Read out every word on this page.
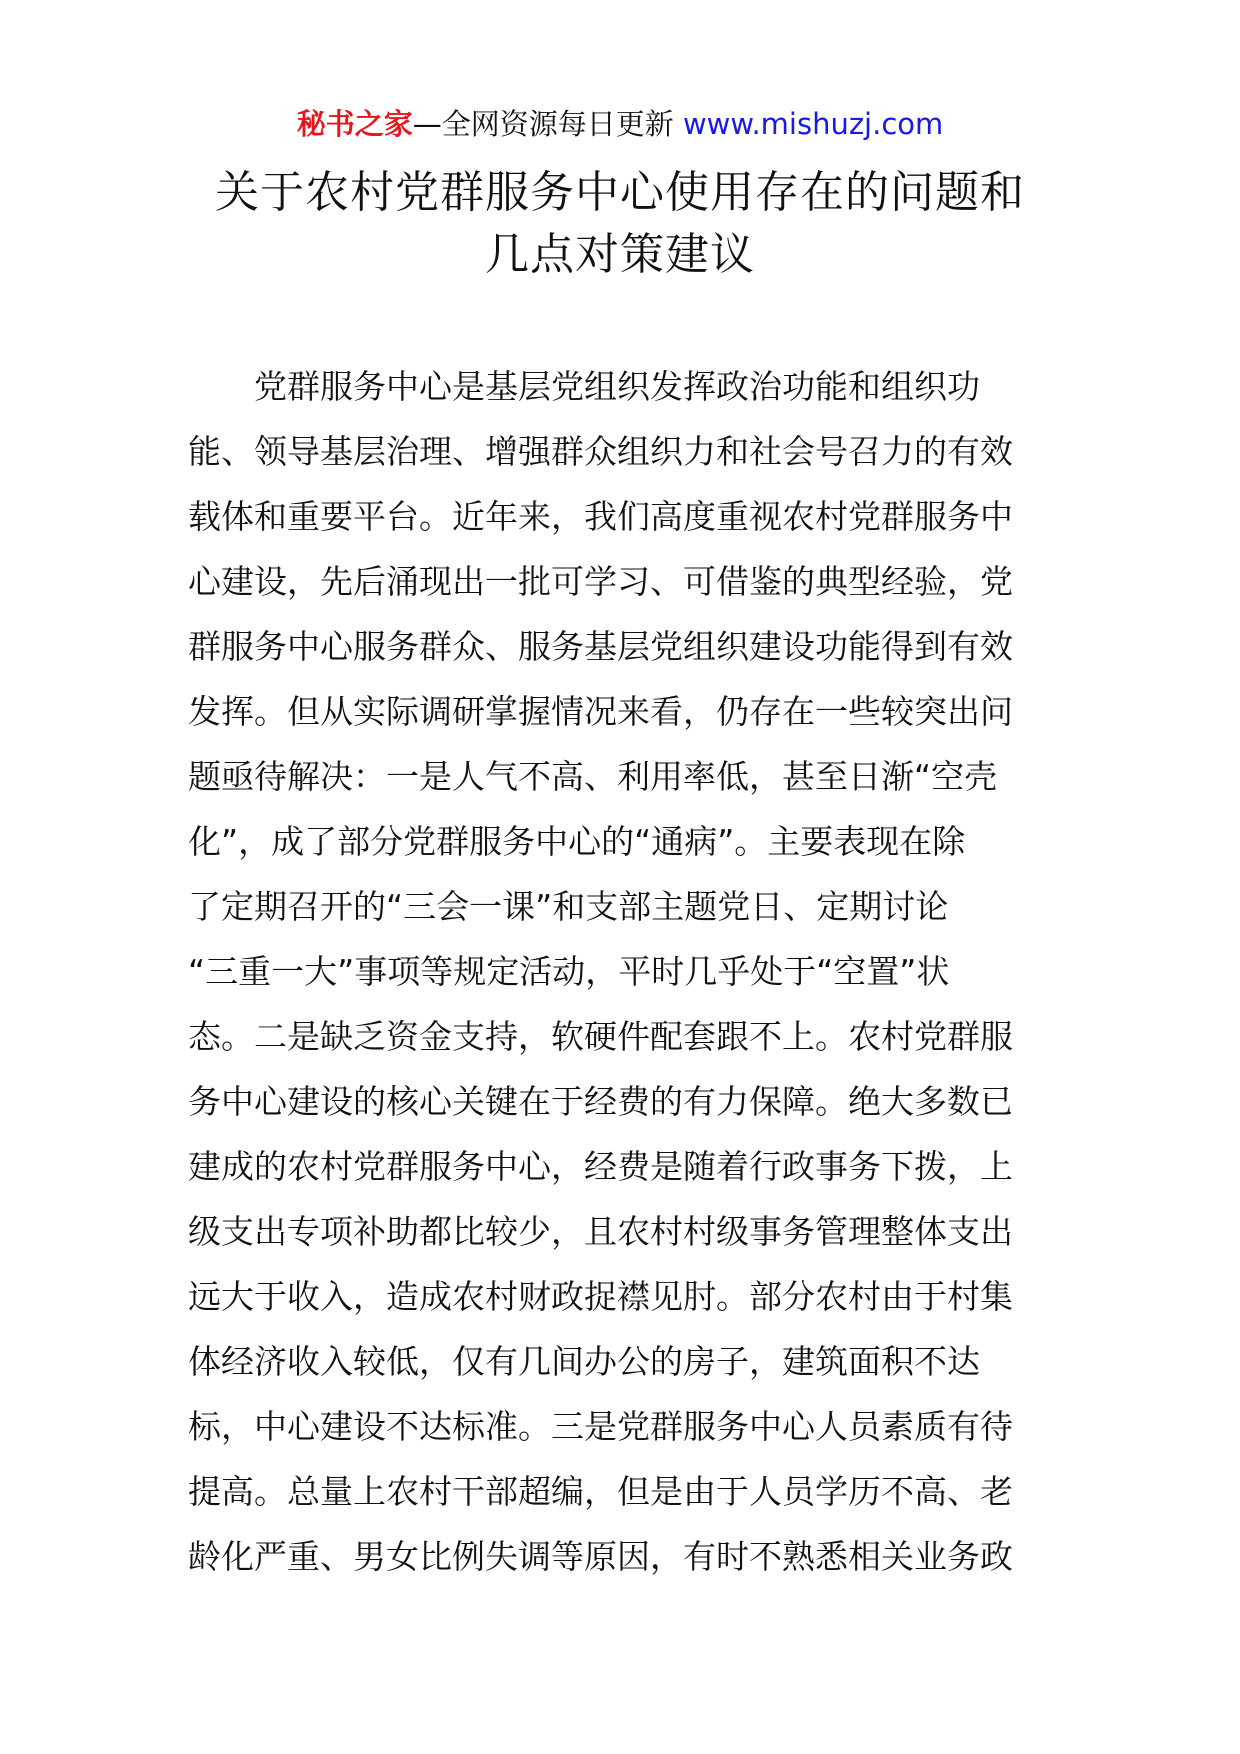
秘书之家—全网资源每日更新 www.mishuzj.com
关于农村党群服务中心使用存在的问题和
几点对策建议
　　党群服务中心是基层党组织发挥政治功能和组织功
能、领导基层治理、增强群众组织力和社会号召力的有效
载体和重要平台。近年来，我们高度重视农村党群服务中
心建设，先后涌现出一批可学习、可借鉴的典型经验，党
群服务中心服务群众、服务基层党组织建设功能得到有效
发挥。但从实际调研掌握情况来看，仍存在一些较突出问
题亟待解决：一是人气不高、利用率低，甚至日渐“空壳
化”，成了部分党群服务中心的“通病”。主要表现在除
了定期召开的“三会一课”和支部主题党日、定期讨论
“三重一大”事项等规定活动，平时几乎处于“空置”状
态。二是缺乏资金支持，软硬件配套跟不上。农村党群服
务中心建设的核心关键在于经费的有力保障。绝大多数已
建成的农村党群服务中心，经费是随着行政事务下拨，上
级支出专项补助都比较少，且农村村级事务管理整体支出
远大于收入，造成农村财政捉襟见肘。部分农村由于村集
体经济收入较低，仅有几间办公的房子，建筑面积不达
标，中心建设不达标准。三是党群服务中心人员素质有待
提高。总量上农村干部超编，但是由于人员学历不高、老
龄化严重、男女比例失调等原因，有时不熟悉相关业务政
